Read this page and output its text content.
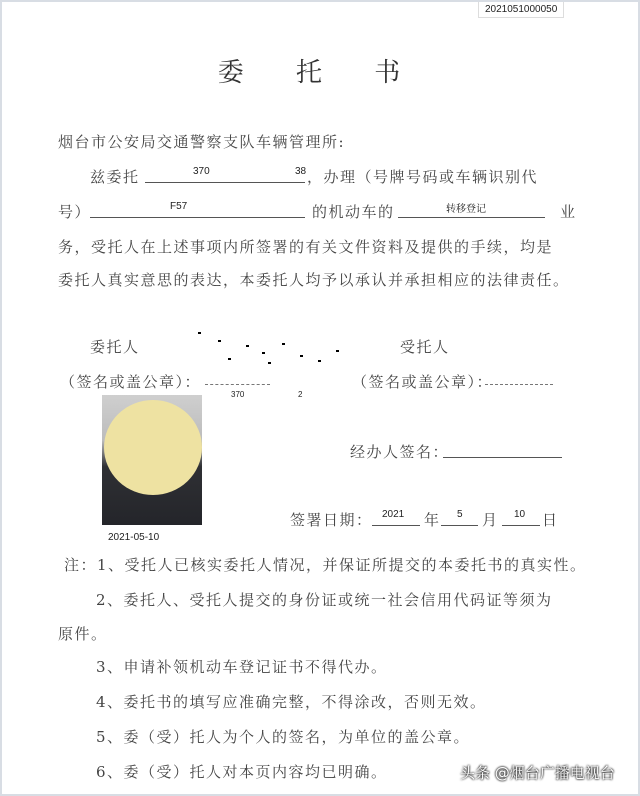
2021051000050
委 托 书
烟台市公安局交通警察支队车辆管理所:
兹委托	370	38 ，办理（号牌号码或车辆识别代
号）	F57	的机动车的	转移登记	业
务，受托人在上述事项内所签署的有关文件资料及提供的手续，均是
委托人真实意思的表达，本委托人均予以承认并承担相应的法律责任。
委托人	受托人
（签名或盖公章）：
370	2
（签名或盖公章）：
2021-05-10
经办人签名：
签署日期： 2021 年 5 月 10 日
注：1、受托人已核实委托人情况，并保证所提交的本委托书的真实性。
2、委托人、受托人提交的身份证或统一社会信用代码证等须为
原件。
3、申请补领机动车登记证书不得代办。
4、委托书的填写应准确完整，不得涂改，否则无效。
5、委（受）托人为个人的签名，为单位的盖公章。
6、委（受）托人对本页内容均已明确。	头条 @烟台广播电视台
